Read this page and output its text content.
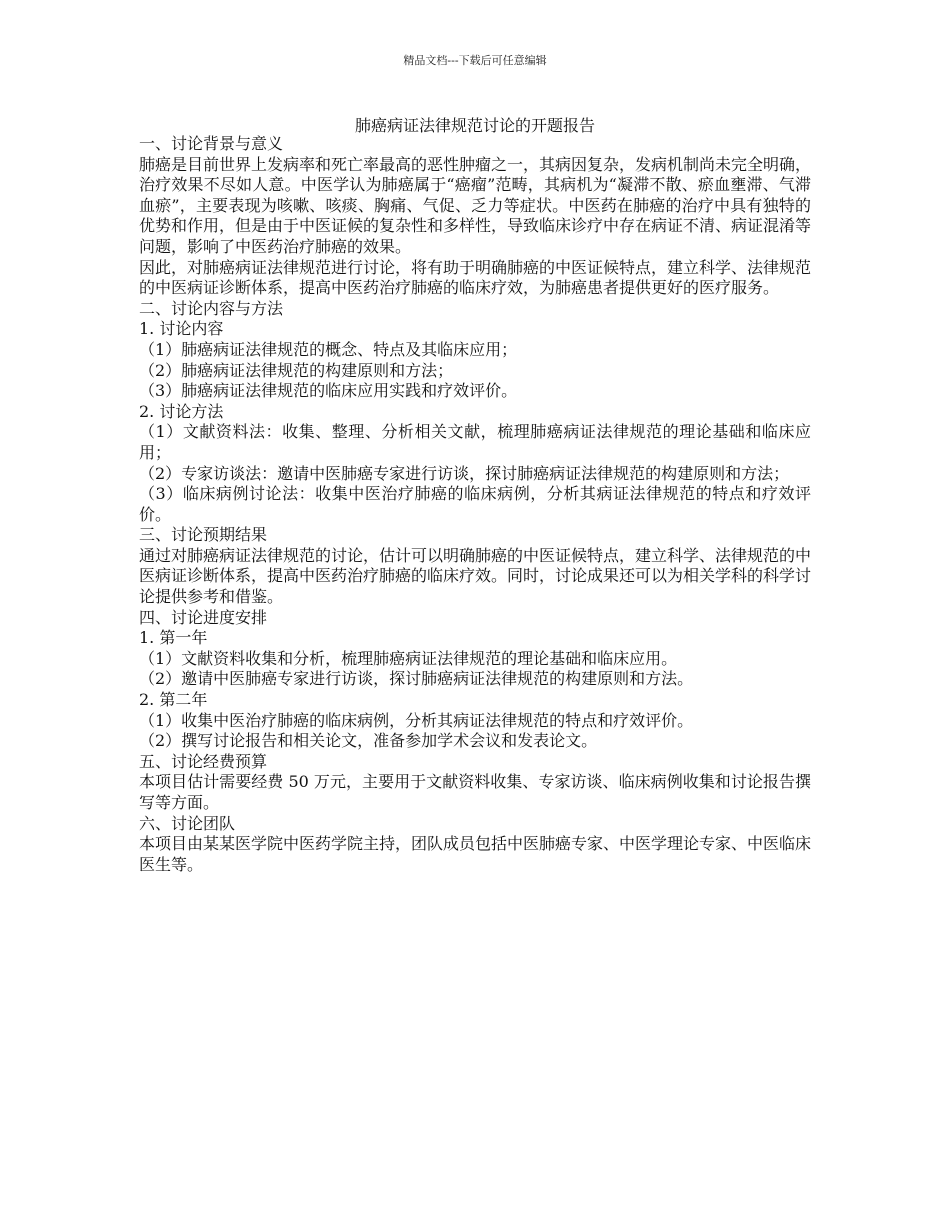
精品文档---下载后可任意编辑
肺癌病证法律规范讨论的开题报告

一、讨论背景与意义

肺癌是目前世界上发病率和死亡率最高的恶性肿瘤之一，其病因复杂，发病机制尚未完全明确，治疗效果不尽如人意。中医学认为肺癌属于“癌瘤”范畴，其病机为“凝滞不散、瘀血壅滞、气滞血瘀”，主要表现为咳嗽、咳痰、胸痛、气促、乏力等症状。中医药在肺癌的治疗中具有独特的优势和作用，但是由于中医证候的复杂性和多样性，导致临床诊疗中存在病证不清、病证混淆等问题，影响了中医药治疗肺癌的效果。

因此，对肺癌病证法律规范进行讨论，将有助于明确肺癌的中医证候特点，建立科学、法律规范的中医病证诊断体系，提高中医药治疗肺癌的临床疗效，为肺癌患者提供更好的医疗服务。

二、讨论内容与方法

1. 讨论内容

（1）肺癌病证法律规范的概念、特点及其临床应用；

（2）肺癌病证法律规范的构建原则和方法；

（3）肺癌病证法律规范的临床应用实践和疗效评价。

2. 讨论方法

（1）文献资料法：收集、整理、分析相关文献，梳理肺癌病证法律规范的理论基础和临床应用；

（2）专家访谈法：邀请中医肺癌专家进行访谈，探讨肺癌病证法律规范的构建原则和方法；

（3）临床病例讨论法：收集中医治疗肺癌的临床病例，分析其病证法律规范的特点和疗效评价。

三、讨论预期结果

通过对肺癌病证法律规范的讨论，估计可以明确肺癌的中医证候特点，建立科学、法律规范的中医病证诊断体系，提高中医药治疗肺癌的临床疗效。同时，讨论成果还可以为相关学科的科学讨论提供参考和借鉴。

四、讨论进度安排

1. 第一年

（1）文献资料收集和分析，梳理肺癌病证法律规范的理论基础和临床应用。

（2）邀请中医肺癌专家进行访谈，探讨肺癌病证法律规范的构建原则和方法。

2. 第二年

（1）收集中医治疗肺癌的临床病例，分析其病证法律规范的特点和疗效评价。

（2）撰写讨论报告和相关论文，准备参加学术会议和发表论文。

五、讨论经费预算

本项目估计需要经费 50 万元，主要用于文献资料收集、专家访谈、临床病例收集和讨论报告撰写等方面。

六、讨论团队

本项目由某某医学院中医药学院主持，团队成员包括中医肺癌专家、中医学理论专家、中医临床医生等。
